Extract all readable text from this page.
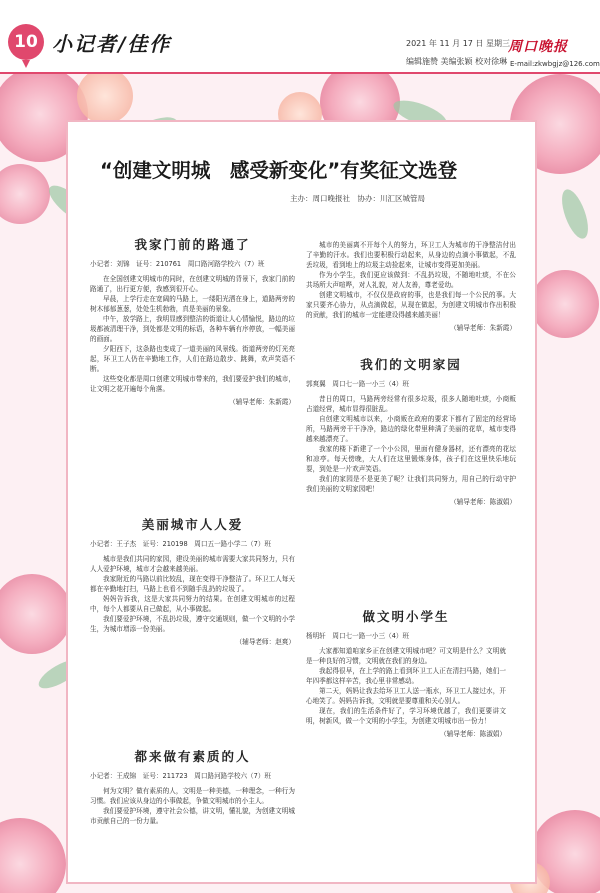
10 小记者/佳作	2021 年 11 月 17 日 星期三
编辑施赞 美编张颖 校对徐琳
周口晚报
E-mail:zkwbgjz@126.com
“创建文明城　感受新变化”有奖征文选登
主办：周口晚报社　协办：川汇区城管局
我家门前的路通了
小记者：刘锦　证号：210761　周口路河路学校六（7）班

在全国创建文明城市的同时，在创建文明城的背景下，我家门前的路通了，出行更方便，我感到很开心。

早晨，上学行走在宽阔的马路上，一缕阳光洒在身上，道路两旁的树木郁郁葱葱，处处生机勃勃，真是美丽的景象。

中午，放学路上，我明显感到整洁的街道让人心情愉悦，路边的垃圾都被清理干净，到处都是文明的标语，各种车辆有序停放，一幅美丽的画面。

夕阳西下，这条路也变成了一道美丽的风景线。街道两旁的灯光亮起，环卫工人仍在辛勤地工作，人们在路边散步、跳舞，欢声笑语不断。

这些变化都是周口创建文明城市带来的，我们要爱护我们的城市，让文明之花开遍每个角落。

（辅导老师：朱新霞）
美丽城市人人爱
小记者：王子杰　证号：210198　周口五一路小学二（7）班

城市是我们共同的家园，建设美丽的城市需要大家共同努力，只有人人爱护环境，城市才会越来越美丽。

我家附近的马路以前比较乱，现在变得干净整洁了。环卫工人每天都在辛勤地打扫，马路上也看不到随手乱扔的垃圾了。

妈妈告诉我，这是大家共同努力的结果。在创建文明城市的过程中，每个人都要从自己做起，从小事做起。

我们要爱护环境，不乱扔垃圾，遵守交通规则，做一个文明的小学生，为城市增添一份美丽。

（辅导老师：赵爽）
都来做有素质的人
小记者：王成锦　证号：211723　周口路河路学校六（7）班

何为文明？做有素质的人，文明是一种美德，一种理念，一种行为习惯。我们应该从身边的小事做起，争做文明城市的小主人。

我们要爱护环境，遵守社会公德，讲文明，懂礼貌，为创建文明城市贡献自己的一份力量。

城市的美丽离不开每个人的努力，环卫工人为城市的干净整洁付出了辛勤的汗水。我们也要积极行动起来，从身边的点滴小事做起，不乱丢垃圾，看到地上的垃圾主动捡起来，让城市变得更加美丽。

作为小学生，我们更应该做到：不乱扔垃圾，不随地吐痰，不在公共场所大声喧哗，对人礼貌，对人友善，尊老爱幼。

创建文明城市，不仅仅是政府的事，也是我们每一个公民的事。大家只要齐心协力，从点滴做起，从现在做起，为创建文明城市作出积极的贡献，我们的城市一定能建设得越来越美丽！

（辅导老师：朱新霞）
我们的文明家园
郭爽翼　周口七一路一小三（4）班

昔日的周口，马路两旁经常有很多垃圾，很多人随地吐痰，小商贩占道经营，城市显得很脏乱。

自创建文明城市以来，小商贩在政府的要求下都有了固定的经营场所，马路两旁干干净净，路边的绿化带里种满了美丽的花草，城市变得越来越漂亮了。

我家的楼下新建了一个小公园，里面有健身器材，还有漂亮的花坛和凉亭。每天傍晚，大人们在这里锻炼身体，孩子们在这里快乐地玩耍，到处是一片欢声笑语。

我们的家园是不是更美了呢？让我们共同努力，用自己的行动守护我们美丽的文明家园吧！

（辅导老师：陈淑娟）
做文明小学生
杨明轩　周口七一路一小三（4）班

大家都知道咱家乡正在创建文明城市吧？可文明是什么？文明就是一种良好的习惯，文明就在我们的身边。

我起得很早，在上学的路上看到环卫工人正在清扫马路，她们一年四季都这样辛苦，我心里非常感动。

第二天，妈妈让我去给环卫工人送一瓶水，环卫工人接过水，开心地笑了。妈妈告诉我，文明就是要尊重和关心别人。

现在，我们的生活条件好了，学习环境优越了，我们更要讲文明，树新风，做一个文明的小学生，为创建文明城市出一份力！

（辅导老师：陈淑娟）
